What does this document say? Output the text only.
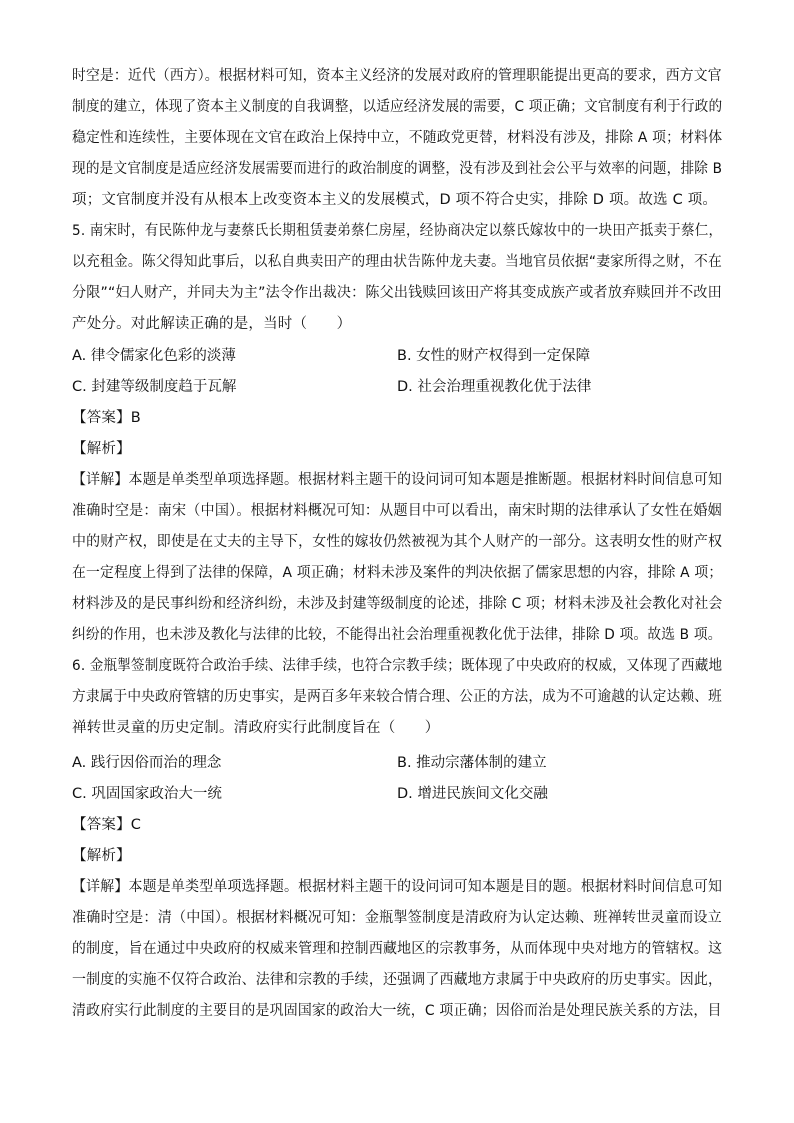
时空是：近代（西方）。根据材料可知，资本主义经济的发展对政府的管理职能提出更高的要求，西方文官
制度的建立，体现了资本主义制度的自我调整，以适应经济发展的需要，C 项正确；文官制度有利于行政的
稳定性和连续性，主要体现在文官在政治上保持中立，不随政党更替，材料没有涉及，排除 A 项；材料体
现的是文官制度是适应经济发展需要而进行的政治制度的调整，没有涉及到社会公平与效率的问题，排除 B
项；文官制度并没有从根本上改变资本主义的发展模式，D 项不符合史实，排除 D 项。故选 C 项。
5. 南宋时，有民陈仲龙与妻蔡氏长期租赁妻弟蔡仁房屋，经协商决定以蔡氏嫁妆中的一块田产抵卖于蔡仁，
以充租金。陈父得知此事后，以私自典卖田产的理由状告陈仲龙夫妻。当地官员依据“妻家所得之财，不在
分限”“妇人财产，并同夫为主”法令作出裁决：陈父出钱赎回该田产将其变成族产或者放弃赎回并不改田
产处分。对此解读正确的是，当时（　　）
A. 律令儒家化色彩的淡薄	B. 女性的财产权得到一定保障
C. 封建等级制度趋于瓦解	D. 社会治理重视教化优于法律
【答案】B
【解析】
【详解】本题是单类型单项选择题。根据材料主题干的设问词可知本题是推断题。根据材料时间信息可知
准确时空是：南宋（中国）。根据材料概况可知：从题目中可以看出，南宋时期的法律承认了女性在婚姻
中的财产权，即使是在丈夫的主导下，女性的嫁妆仍然被视为其个人财产的一部分。这表明女性的财产权
在一定程度上得到了法律的保障，A 项正确；材料未涉及案件的判决依据了儒家思想的内容，排除 A 项；
材料涉及的是民事纠纷和经济纠纷，未涉及封建等级制度的论述，排除 C 项；材料未涉及社会教化对社会
纠纷的作用，也未涉及教化与法律的比较，不能得出社会治理重视教化优于法律，排除 D 项。故选 B 项。
6. 金瓶掣签制度既符合政治手续、法律手续，也符合宗教手续；既体现了中央政府的权威，又体现了西藏地
方隶属于中央政府管辖的历史事实，是两百多年来较合情合理、公正的方法，成为不可逾越的认定达赖、班
禅转世灵童的历史定制。清政府实行此制度旨在（　　）
A. 践行因俗而治的理念	B. 推动宗藩体制的建立
C. 巩固国家政治大一统	D. 增进民族间文化交融
【答案】C
【解析】
【详解】本题是单类型单项选择题。根据材料主题干的设问词可知本题是目的题。根据材料时间信息可知
准确时空是：清（中国）。根据材料概况可知：金瓶掣签制度是清政府为认定达赖、班禅转世灵童而设立
的制度，旨在通过中央政府的权威来管理和控制西藏地区的宗教事务，从而体现中央对地方的管辖权。这
一制度的实施不仅符合政治、法律和宗教的手续，还强调了西藏地方隶属于中央政府的历史事实。因此，
清政府实行此制度的主要目的是巩固国家的政治大一统，C 项正确；因俗而治是处理民族关系的方法，目
